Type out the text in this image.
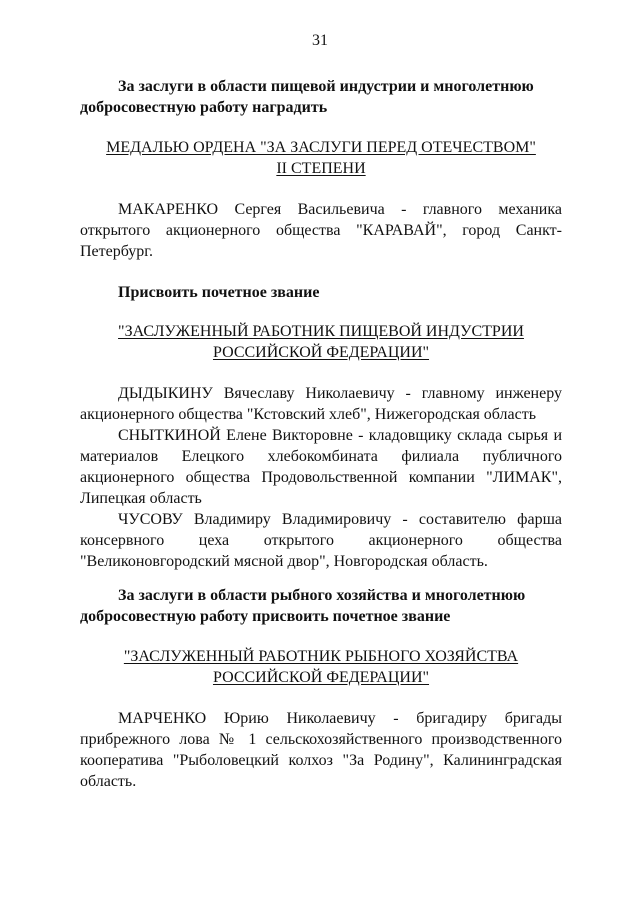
31
За заслуги в области пищевой индустрии и многолетнюю
добросовестную работу наградить
МЕДАЛЬЮ ОРДЕНА "ЗА ЗАСЛУГИ ПЕРЕД ОТЕЧЕСТВОМ"
II СТЕПЕНИ

МАКАРЕНКО Сергея Васильевича - главного механика открытого акционерного общества "КАРАВАЙ", город Санкт-Петербург.

Присвоить почетное звание
"ЗАСЛУЖЕННЫЙ РАБОТНИК ПИЩЕВОЙ ИНДУСТРИИ
РОССИЙСКОЙ ФЕДЕРАЦИИ"

ДЫДЫКИНУ Вячеславу Николаевичу - главному инженеру акционерного общества "Кстовский хлеб", Нижегородская область

СНЫТКИНОЙ Елене Викторовне - кладовщику склада сырья и материалов Елецкого хлебокомбината филиала публичного акционерного общества Продовольственной компании "ЛИМАК", Липецкая область

ЧУСОВУ Владимиру Владимировичу - составителю фарша консервного цеха открытого акционерного общества "Великоновгородский мясной двор", Новгородская область.

За заслуги в области рыбного хозяйства и многолетнюю
добросовестную работу присвоить почетное звание
"ЗАСЛУЖЕННЫЙ РАБОТНИК РЫБНОГО ХОЗЯЙСТВА
РОССИЙСКОЙ ФЕДЕРАЦИИ"

МАРЧЕНКО Юрию Николаевичу - бригадиру бригады прибрежного лова № 1 сельскохозяйственного производственного кооператива "Рыболовецкий колхоз "За Родину", Калининградская область.
